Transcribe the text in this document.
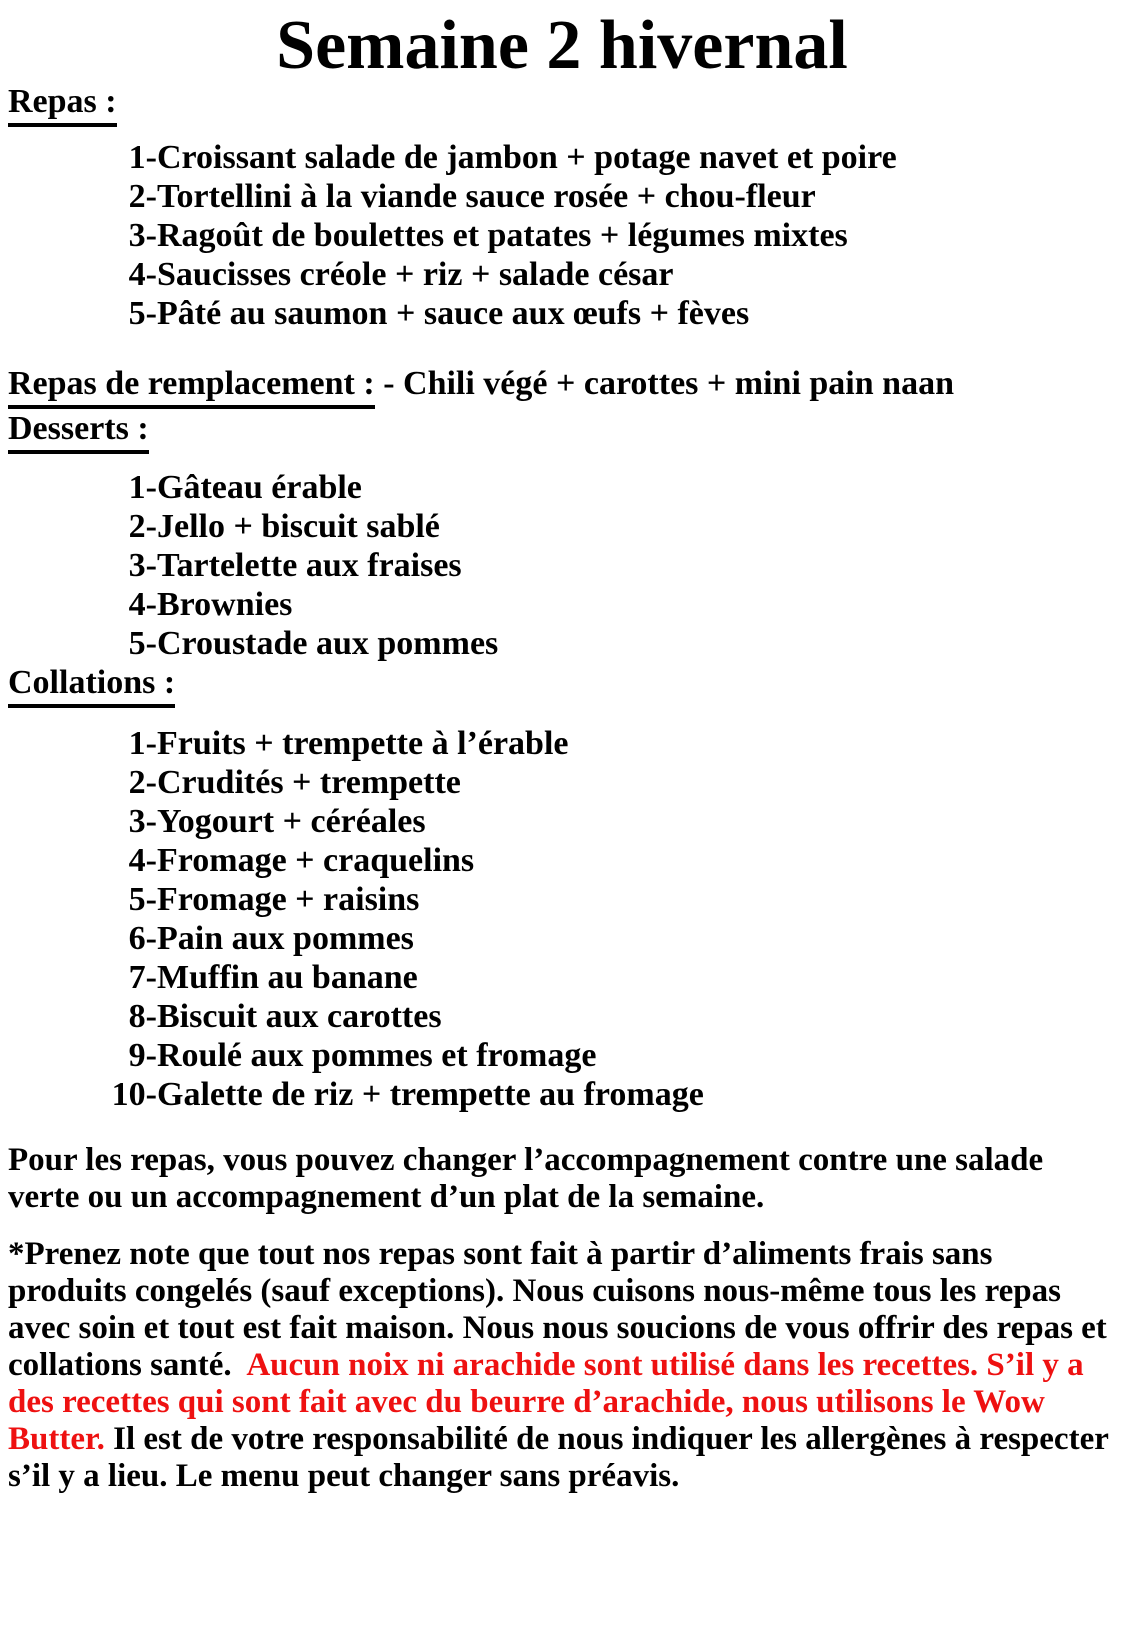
Semaine 2 hivernal
Repas :
1- Croissant salade de jambon + potage navet et poire
2- Tortellini à la viande sauce rosée + chou-fleur
3- Ragoût de boulettes et patates + légumes mixtes
4- Saucisses créole + riz + salade césar
5- Pâté au saumon + sauce aux œufs + fèves

Repas de remplacement : - Chili végé + carottes + mini pain naan

Desserts :
1- Gâteau érable
2- Jello + biscuit sablé
3- Tartelette aux fraises
4- Brownies
5- Croustade aux pommes
Collations :
1- Fruits + trempette à l’érable
2- Crudités + trempette
3- Yogourt + céréales
4- Fromage + craquelins
5- Fromage + raisins
6- Pain aux pommes
7- Muffin au banane
8- Biscuit aux carottes
9- Roulé aux pommes et fromage
10- Galette de riz + trempette au fromage

Pour les repas, vous pouvez changer l’accompagnement contre une salade verte ou un accompagnement d’un plat de la semaine.

*Prenez note que tout nos repas sont fait à partir d’aliments frais sans produits congelés (sauf exceptions). Nous cuisons nous-même tous les repas avec soin et tout est fait maison. Nous nous soucions de vous offrir des repas et collations santé.  Aucun noix ni arachide sont utilisé dans les recettes. S’il y a des recettes qui sont fait avec du beurre d’arachide, nous utilisons le Wow Butter. Il est de votre responsabilité de nous indiquer les allergènes à respecter s’il y a lieu. Le menu peut changer sans préavis.
